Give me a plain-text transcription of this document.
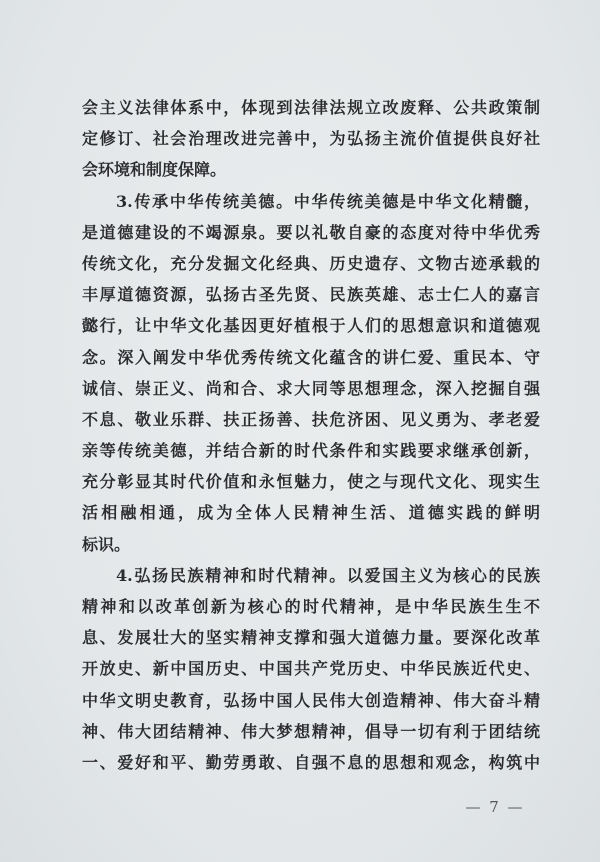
会主义法律体系中，体现到法律法规立改废释、公共政策制
定修订、社会治理改进完善中，为弘扬主流价值提供良好社
会环境和制度保障。
3.传承中华传统美德。中华传统美德是中华文化精髓，
是道德建设的不竭源泉。要以礼敬自豪的态度对待中华优秀
传统文化，充分发掘文化经典、历史遗存、文物古迹承载的
丰厚道德资源，弘扬古圣先贤、民族英雄、志士仁人的嘉言
懿行，让中华文化基因更好植根于人们的思想意识和道德观
念。深入阐发中华优秀传统文化蕴含的讲仁爱、重民本、守
诚信、崇正义、尚和合、求大同等思想理念，深入挖掘自强
不息、敬业乐群、扶正扬善、扶危济困、见义勇为、孝老爱
亲等传统美德，并结合新的时代条件和实践要求继承创新，
充分彰显其时代价值和永恒魅力，使之与现代文化、现实生
活相融相通，成为全体人民精神生活、道德实践的鲜明
标识。
4.弘扬民族精神和时代精神。以爱国主义为核心的民族
精神和以改革创新为核心的时代精神，是中华民族生生不
息、发展壮大的坚实精神支撑和强大道德力量。要深化改革
开放史、新中国历史、中国共产党历史、中华民族近代史、
中华文明史教育，弘扬中国人民伟大创造精神、伟大奋斗精
神、伟大团结精神、伟大梦想精神，倡导一切有利于团结统
一、爱好和平、勤劳勇敢、自强不息的思想和观念，构筑中
— 7 —
